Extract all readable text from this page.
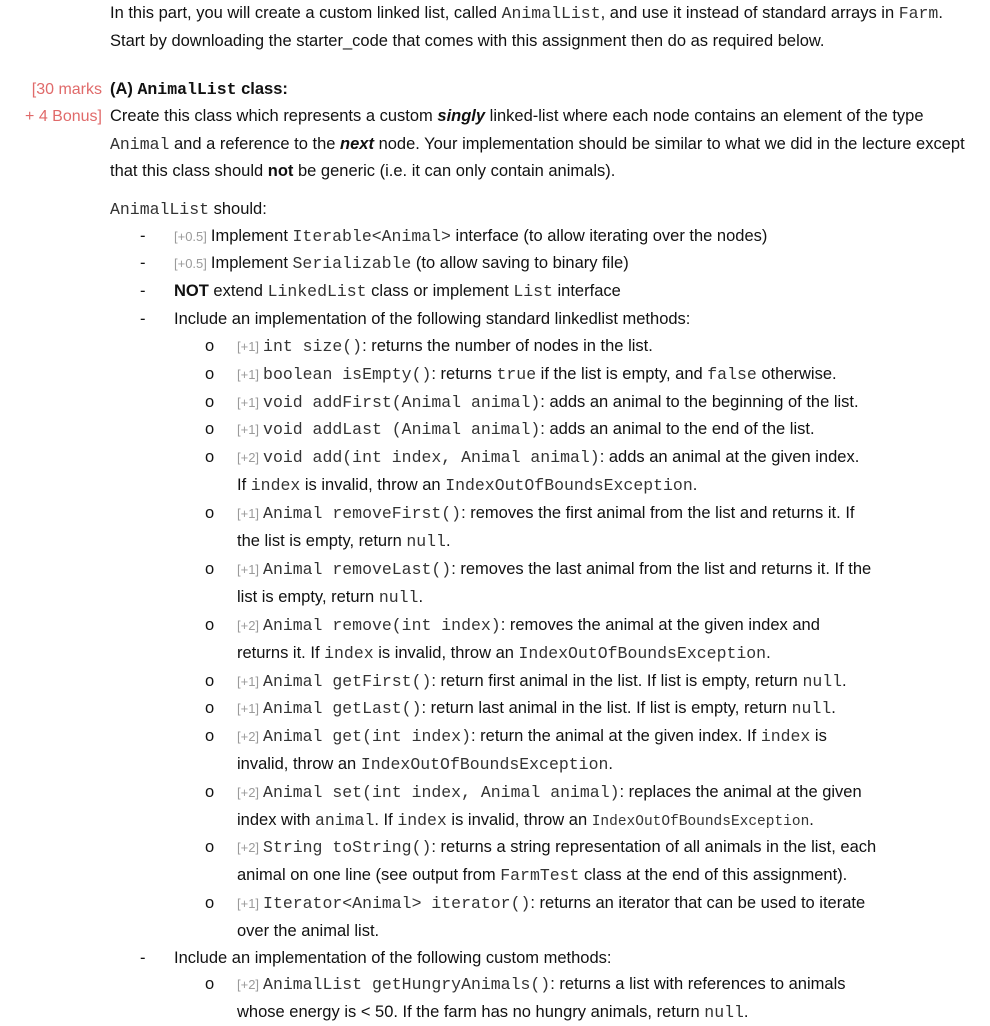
In this part, you will create a custom linked list, called AnimalList, and use it instead of standard arrays in Farm. Start by downloading the starter_code that comes with this assignment then do as required below.
[30 marks
+ 4 Bonus]
(A) AnimalList class:
Create this class which represents a custom singly linked-list where each node contains an element of the type Animal and a reference to the next node. Your implementation should be similar to what we did in the lecture except that this class should not be generic (i.e. it can only contain animals).
AnimalList should:
- [+0.5] Implement Iterable<Animal> interface (to allow iterating over the nodes)
- [+0.5] Implement Serializable (to allow saving to binary file)
- NOT extend LinkedList class or implement List interface
- Include an implementation of the following standard linkedlist methods:
o [+1] int size(): returns the number of nodes in the list.
o [+1] boolean isEmpty(): returns true if the list is empty, and false otherwise.
o [+1] void addFirst(Animal animal): adds an animal to the beginning of the list.
o [+1] void addLast (Animal animal): adds an animal to the end of the list.
o [+2] void add(int index, Animal animal): adds an animal at the given index.
If index is invalid, throw an IndexOutOfBoundsException.
o [+1] Animal removeFirst(): removes the first animal from the list and returns it. If
the list is empty, return null.
o [+1] Animal removeLast(): removes the last animal from the list and returns it. If the
list is empty, return null.
o [+2] Animal remove(int index): removes the animal at the given index and
returns it. If index is invalid, throw an IndexOutOfBoundsException.
o [+1] Animal getFirst(): return first animal in the list. If list is empty, return null.
o [+1] Animal getLast(): return last animal in the list. If list is empty, return null.
o [+2] Animal get(int index): return the animal at the given index. If index is
invalid, throw an IndexOutOfBoundsException.
o [+2] Animal set(int index, Animal animal): replaces the animal at the given
index with animal. If index is invalid, throw an IndexOutOfBoundsException.
o [+2] String toString(): returns a string representation of all animals in the list, each
animal on one line (see output from FarmTest class at the end of this assignment).
o [+1] Iterator<Animal> iterator(): returns an iterator that can be used to iterate
over the animal list.
- Include an implementation of the following custom methods:
o [+2] AnimalList getHungryAnimals(): returns a list with references to animals
whose energy is < 50. If the farm has no hungry animals, return null.
